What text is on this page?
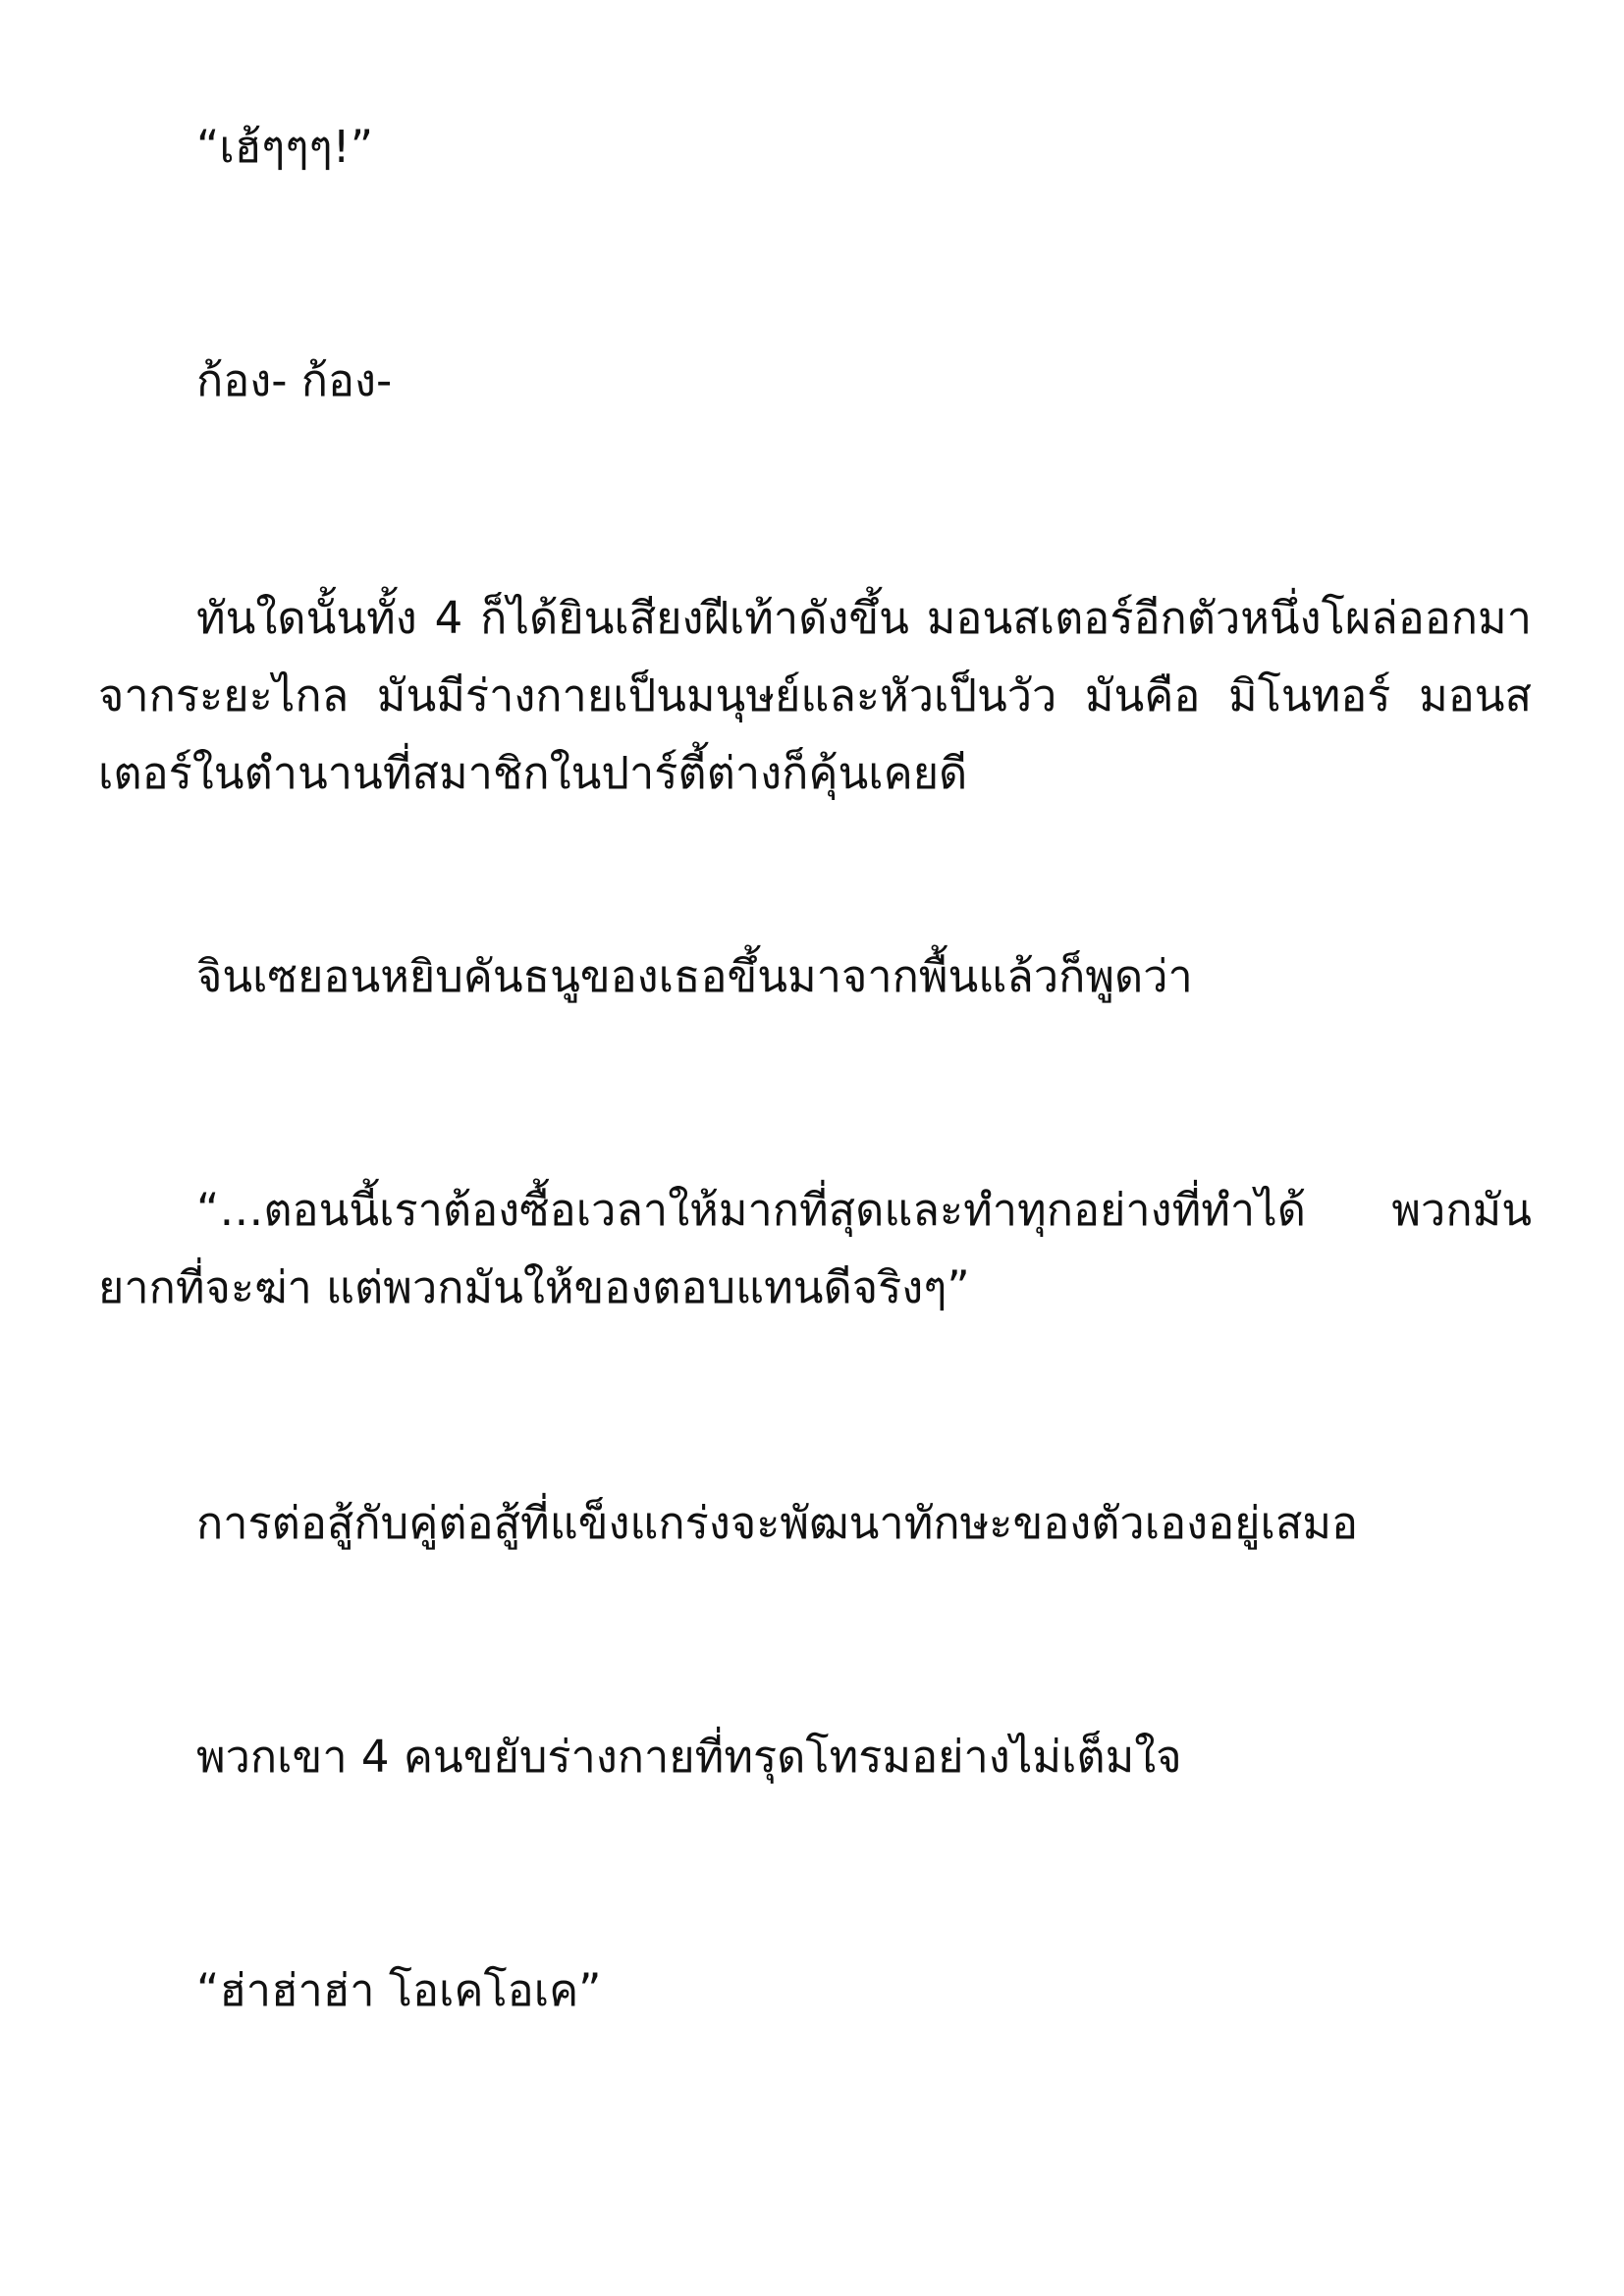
“เฮ้ๆๆๆ!”

ก้อง- ก้อง-

ทันใดนั้นทั้ง 4 ก็ได้ยินเสียงฝีเท้าดังขึ้น มอนสเตอร์อีกตัวหนึ่งโผล่ออกมาจากระยะไกล มันมีร่างกายเป็นมนุษย์และหัวเป็นวัว มันคือ มิโนทอร์ มอนสเตอร์ในตำนานที่สมาชิกในปาร์ตี้ต่างก็คุ้นเคยดี

จินเซยอนหยิบคันธนูของเธอขึ้นมาจากพื้นแล้วก็พูดว่า

“…ตอนนี้เราต้องซื้อเวลาให้มากที่สุดและทำทุกอย่างที่ทำได้ พวกมันยากที่จะฆ่า แต่พวกมันให้ของตอบแทนดีจริงๆ”

การต่อสู้กับคู่ต่อสู้ที่แข็งแกร่งจะพัฒนาทักษะของตัวเองอยู่เสมอ

พวกเขา 4 คนขยับร่างกายที่ทรุดโทรมอย่างไม่เต็มใจ

“ฮ่าฮ่าฮ่า โอเคโอเค”
